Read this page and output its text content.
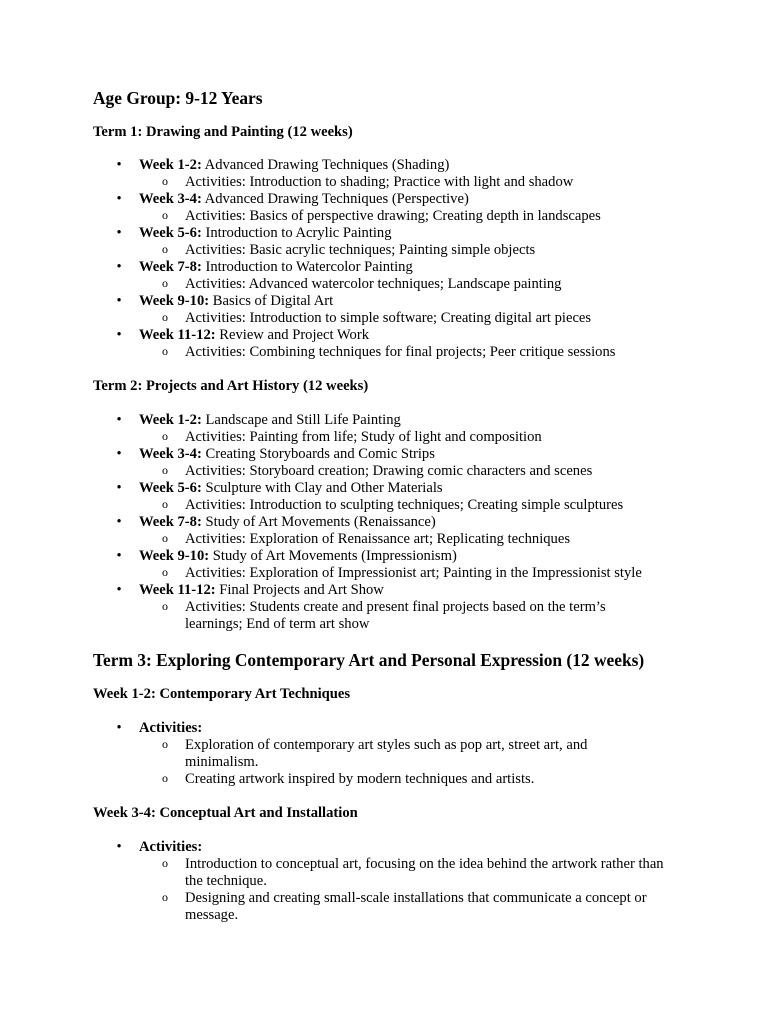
Age Group: 9-12 Years
Term 1: Drawing and Painting (12 weeks)
• Week 1-2: Advanced Drawing Techniques (Shading)
o Activities: Introduction to shading; Practice with light and shadow
• Week 3-4: Advanced Drawing Techniques (Perspective)
o Activities: Basics of perspective drawing; Creating depth in landscapes
• Week 5-6: Introduction to Acrylic Painting
o Activities: Basic acrylic techniques; Painting simple objects
• Week 7-8: Introduction to Watercolor Painting
o Activities: Advanced watercolor techniques; Landscape painting
• Week 9-10: Basics of Digital Art
o Activities: Introduction to simple software; Creating digital art pieces
• Week 11-12: Review and Project Work
o Activities: Combining techniques for final projects; Peer critique sessions
Term 2: Projects and Art History (12 weeks)
• Week 1-2: Landscape and Still Life Painting
o Activities: Painting from life; Study of light and composition
• Week 3-4: Creating Storyboards and Comic Strips
o Activities: Storyboard creation; Drawing comic characters and scenes
• Week 5-6: Sculpture with Clay and Other Materials
o Activities: Introduction to sculpting techniques; Creating simple sculptures
• Week 7-8: Study of Art Movements (Renaissance)
o Activities: Exploration of Renaissance art; Replicating techniques
• Week 9-10: Study of Art Movements (Impressionism)
o Activities: Exploration of Impressionist art; Painting in the Impressionist style
• Week 11-12: Final Projects and Art Show
o Activities: Students create and present final projects based on the term’s learnings; End of term art show
Term 3: Exploring Contemporary Art and Personal Expression (12 weeks)
Week 1-2: Contemporary Art Techniques
• Activities:
o Exploration of contemporary art styles such as pop art, street art, and minimalism.
o Creating artwork inspired by modern techniques and artists.
Week 3-4: Conceptual Art and Installation
• Activities:
o Introduction to conceptual art, focusing on the idea behind the artwork rather than the technique.
o Designing and creating small-scale installations that communicate a concept or message.
